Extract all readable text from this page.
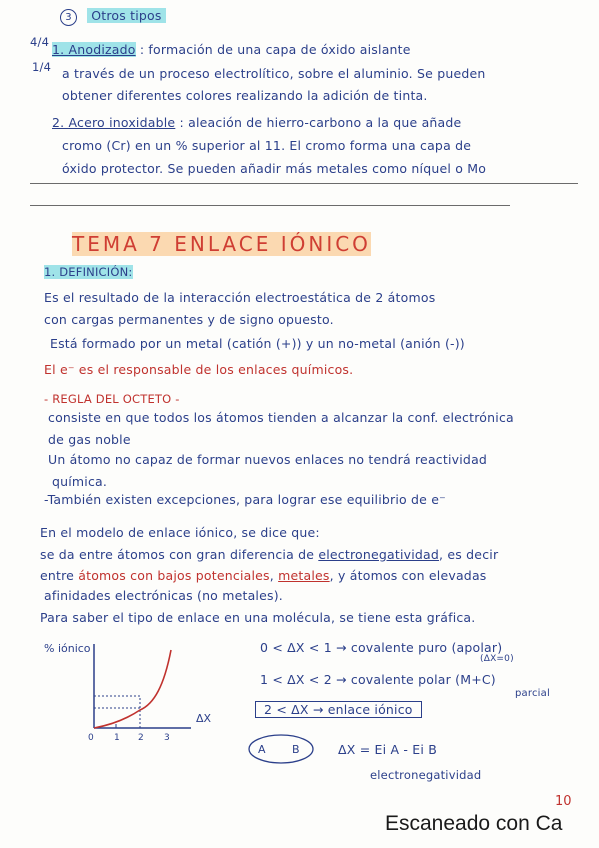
3 Otros tipos
4/4
1/4
1. Anodizado : formación de una capa de óxido aislante
a través de un proceso electrolítico, sobre el aluminio. Se pueden
obtener diferentes colores realizando la adición de tinta.
2. Acero inoxidable : aleación de hierro-carbono a la que añade
cromo (Cr) en un % superior al 11. El cromo forma una capa de
óxido protector. Se pueden añadir más metales como níquel o Mo
TEMA 7 ENLACE IÓNICO
1. DEFINICIÓN:
Es el resultado de la interacción electroestática de 2 átomos
con cargas permanentes y de signo opuesto.
Está formado por un metal (catión (+)) y un no-metal (anión (-))
El e⁻ es el responsable de los enlaces químicos.
- REGLA DEL OCTETO -
consiste en que todos los átomos tienden a alcanzar la conf. electrónica
de gas noble
Un átomo no capaz de formar nuevos enlaces no tendrá reactividad
química.
-También existen excepciones, para lograr ese equilibrio de e⁻
En el modelo de enlace iónico, se dice que:
se da entre átomos con gran diferencia de electronegatividad, es decir
entre átomos con bajos potenciales, metales, y átomos con elevadas
afinidades electrónicas (no metales).
Para saber el tipo de enlace en una molécula, se tiene esta gráfica.
% iónico
0 1 2 3
ΔX
0 < ΔX < 1 → covalente puro (apolar)
(ΔX=0)
1 < ΔX < 2 → covalente polar (M+C)
parcial
2 < ΔX → enlace iónico
A B	ΔX = Ei A - Ei B
electronegatividad
10
Escaneado con Ca
